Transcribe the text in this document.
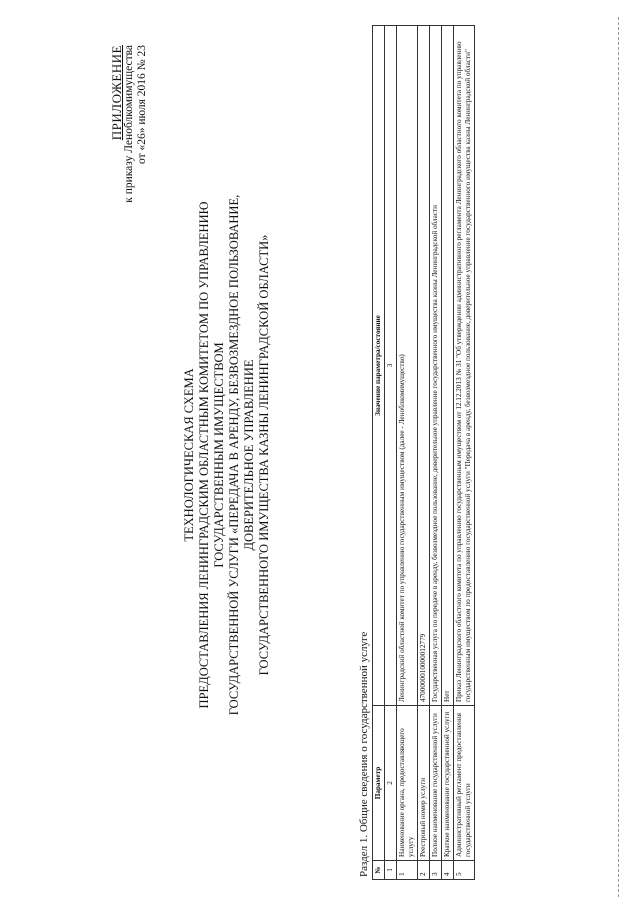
ПРИЛОЖЕНИЕ к приказу Леноблкомимущества от «26» июля 2016 № 23
ТЕХНОЛОГИЧЕСКАЯ СХЕМА ПРЕДОСТАВЛЕНИЯ ЛЕНИНГРАДСКИМ ОБЛАСТНЫМ КОМИТЕТОМ ПО УПРАВЛЕНИЮ ГОСУДАРСТВЕННЫМ ИМУЩЕСТВОМ ГОСУДАРСТВЕННОЙ УСЛУГИ «ПЕРЕДАЧА В АРЕНДУ, БЕЗВОЗМЕЗДНОЕ ПОЛЬЗОВАНИЕ, ДОВЕРИТЕЛЬНОЕ УПРАВЛЕНИЕ ГОСУДАРСТВЕННОГО ИМУЩЕСТВА КАЗНЫ ЛЕНИНГРАДСКОЙ ОБЛАСТИ»
Раздел 1. Общие сведения о государственной услуге №	Параметр	Значение параметра/состояние
1	2	3
1	Наименование органа, предоставляющего услугу	Ленинградский областной комитет по управлению государственным имуществом (далее - Леноблкомимущество)
2	Реестровый номер услуги	4700000010000012779
3	Полное наименование государственной услуги	Государственная услуга по передаче в аренду, безвозмездное пользование, доверительное управление государственного имущества казны Ленинградской области
4	Краткое наименование государственной услуги	Нет
5	Административный регламент предоставления государственной услуги	Приказ Ленинградского областного комитета по управлению государственным имуществом от 12.12.2013 № 31 "Об утверждении административного регламента Ленинградского областного комитета по управлению государственным имуществом по предоставлению государственной услуги "Передача в аренду, безвозмездное пользование, доверительное управление государственного имущества казны Ленинградской области"
